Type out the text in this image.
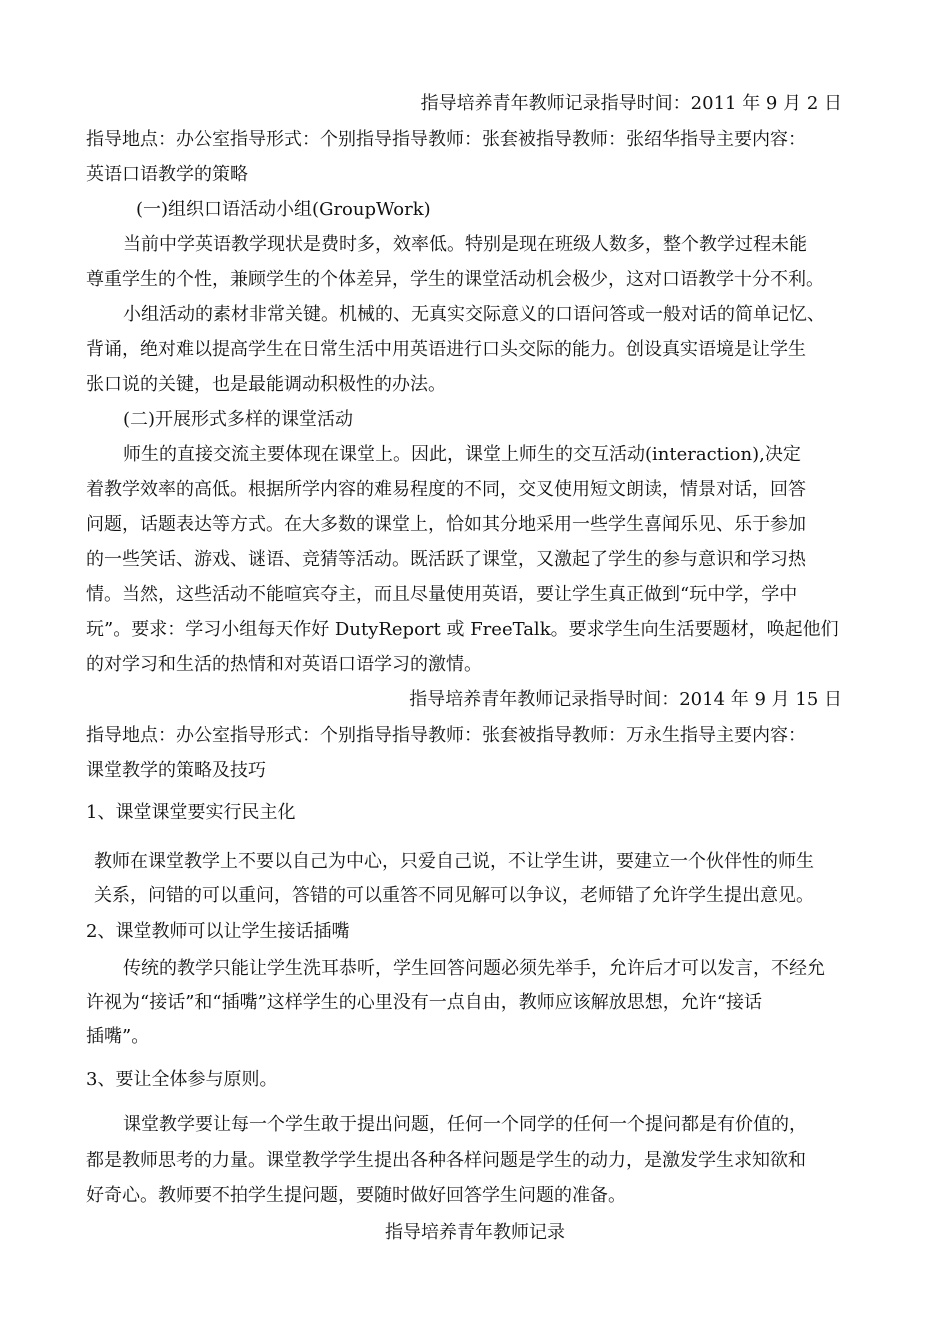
指导培养青年教师记录指导时间：2011 年 9 月 2 日
指导地点：办公室指导形式：个别指导指导教师：张套被指导教师：张绍华指导主要内容：
英语口语教学的策略
(一)组织口语活动小组(GroupWork)
当前中学英语教学现状是费时多，效率低。特别是现在班级人数多，整个教学过程未能
尊重学生的个性，兼顾学生的个体差异，学生的课堂活动机会极少，这对口语教学十分不利。
小组活动的素材非常关键。机械的、无真实交际意义的口语问答或一般对话的简单记忆、
背诵，绝对难以提高学生在日常生活中用英语进行口头交际的能力。创设真实语境是让学生
张口说的关键，也是最能调动积极性的办法。
(二)开展形式多样的课堂活动
师生的直接交流主要体现在课堂上。因此，课堂上师生的交互活动(interaction),决定
着教学效率的高低。根据所学内容的难易程度的不同，交叉使用短文朗读，情景对话，回答
问题，话题表达等方式。在大多数的课堂上，恰如其分地采用一些学生喜闻乐见、乐于参加
的一些笑话、游戏、谜语、竞猜等活动。既活跃了课堂，又激起了学生的参与意识和学习热
情。当然，这些活动不能喧宾夺主，而且尽量使用英语，要让学生真正做到“玩中学，学中
玩”。要求：学习小组每天作好 DutyReport 或 FreeTalk。要求学生向生活要题材，唤起他们
的对学习和生活的热情和对英语口语学习的激情。
指导培养青年教师记录指导时间：2014 年 9 月 15 日
指导地点：办公室指导形式：个别指导指导教师：张套被指导教师：万永生指导主要内容：
课堂教学的策略及技巧
1、课堂课堂要实行民主化
教师在课堂教学上不要以自己为中心，只爱自己说，不让学生讲，要建立一个伙伴性的师生
关系，问错的可以重问，答错的可以重答不同见解可以争议，老师错了允许学生提出意见。
2、课堂教师可以让学生接话插嘴
传统的教学只能让学生洗耳恭听，学生回答问题必须先举手，允许后才可以发言，不经允
许视为“接话”和“插嘴”这样学生的心里没有一点自由，教师应该解放思想，允许“接话
插嘴”。
3、要让全体参与原则。
课堂教学要让每一个学生敢于提出问题，任何一个同学的任何一个提问都是有价值的，
都是教师思考的力量。课堂教学学生提出各种各样问题是学生的动力，是激发学生求知欲和
好奇心。教师要不拍学生提问题，要随时做好回答学生问题的准备。
指导培养青年教师记录
